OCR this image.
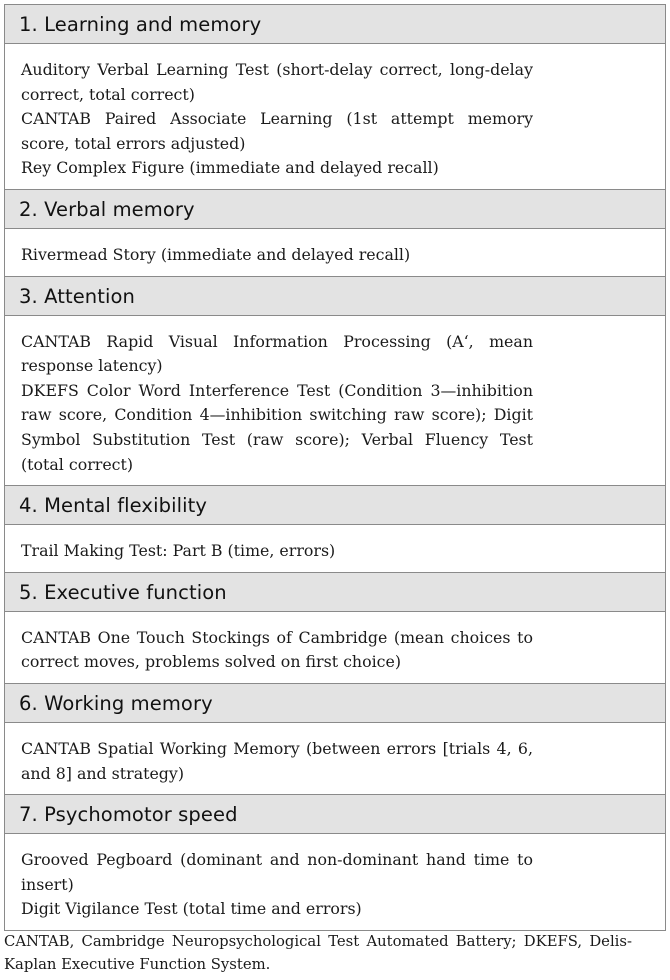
1. Learning and memory
Auditory Verbal Learning Test (short-delay correct, long-delay correct, total correct)
CANTAB Paired Associate Learning (1st attempt memory score, total errors adjusted)
Rey Complex Figure (immediate and delayed recall)
2. Verbal memory
Rivermead Story (immediate and delayed recall)
3. Attention
CANTAB Rapid Visual Information Processing (A‘, mean response latency)
DKEFS Color Word Interference Test (Condition 3—inhibition raw score, Condition 4—inhibition switching raw score); Digit Symbol Substitution Test (raw score); Verbal Fluency Test (total correct)
4. Mental flexibility
Trail Making Test: Part B (time, errors)
5. Executive function
CANTAB One Touch Stockings of Cambridge (mean choices to correct moves, problems solved on first choice)
6. Working memory
CANTAB Spatial Working Memory (between errors [trials 4, 6, and 8] and strategy)
7. Psychomotor speed
Grooved Pegboard (dominant and non-dominant hand time to insert)
Digit Vigilance Test (total time and errors)
CANTAB, Cambridge Neuropsychological Test Automated Battery; DKEFS, Delis-Kaplan Executive Function System.
